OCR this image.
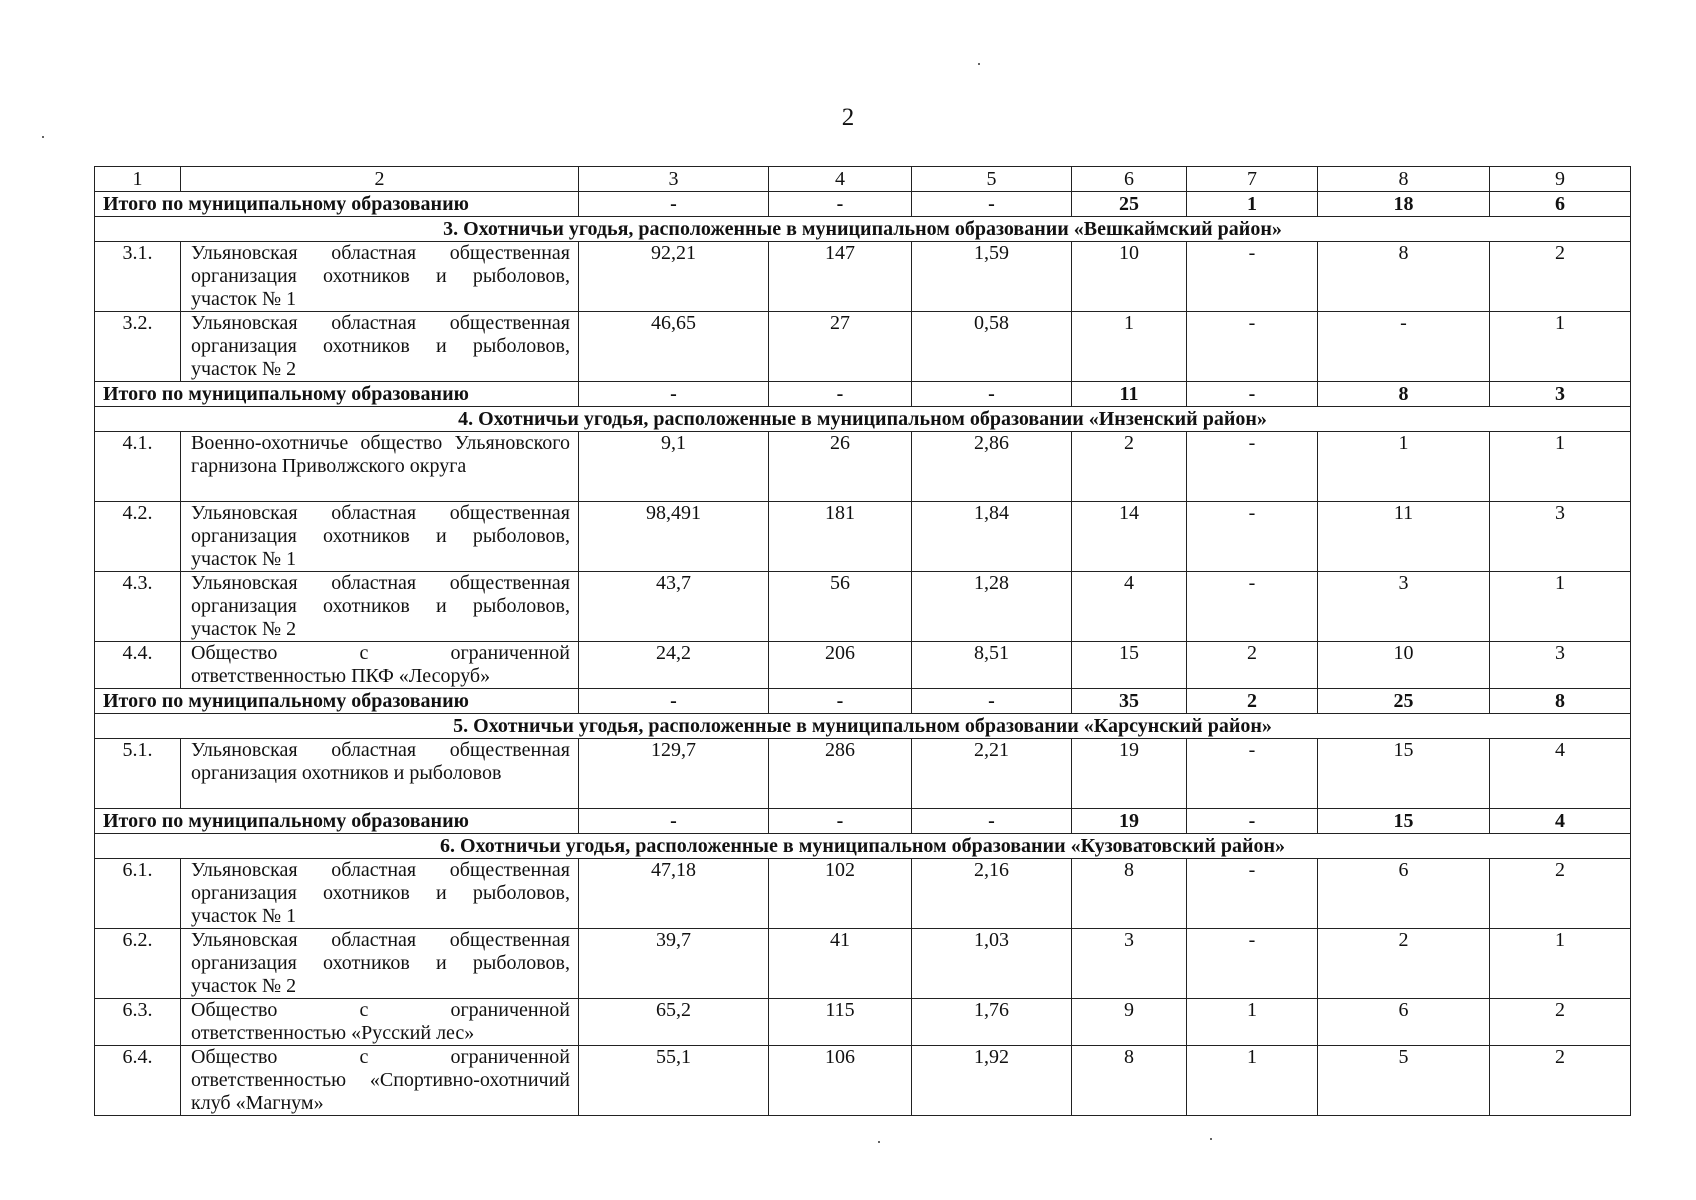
2
1	2	3	4	5	6	7	8	9
Итого по муниципальному образованию		-	-	-	25	1	18	6
3. Охотничьи угодья, расположенные в муниципальном образовании «Вешкаймский район»								
3.1.	Ульяновская областная общественная организация охотников и рыболовов, участок № 1	92,21	147	1,59	10	-	8	2
3.2.	Ульяновская областная общественная организация охотников и рыболовов, участок № 2	46,65	27	0,58	1	-	-	1
Итого по муниципальному образованию		-	-	-	11	-	8	3
4. Охотничьи угодья, расположенные в муниципальном образовании «Инзенский район»								
4.1.	Военно-охотничье общество Ульяновского гарнизона Приволжского округа	9,1	26	2,86	2	-	1	1
4.2.	Ульяновская областная общественная организация охотников и рыболовов, участок № 1	98,491	181	1,84	14	-	11	3
4.3.	Ульяновская областная общественная организация охотников и рыболовов, участок № 2	43,7	56	1,28	4	-	3	1
4.4.	Общество с ограниченной ответственностью ПКФ «Лесоруб»	24,2	206	8,51	15	2	10	3
Итого по муниципальному образованию		-	-	-	35	2	25	8
5. Охотничьи угодья, расположенные в муниципальном образовании «Карсунский район»								
5.1.	Ульяновская областная общественная организация охотников и рыболовов	129,7	286	2,21	19	-	15	4
Итого по муниципальному образованию		-	-	-	19	-	15	4
6. Охотничьи угодья, расположенные в муниципальном образовании «Кузоватовский район»								
6.1.	Ульяновская областная общественная организация охотников и рыболовов, участок № 1	47,18	102	2,16	8	-	6	2
6.2.	Ульяновская областная общественная организация охотников и рыболовов, участок № 2	39,7	41	1,03	3	-	2	1
6.3.	Общество с ограниченной ответственностью «Русский лес»	65,2	115	1,76	9	1	6	2
6.4.	Общество с ограниченной ответственностью «Спортивно-охотничий клуб «Магнум»	55,1	106	1,92	8	1	5	2
